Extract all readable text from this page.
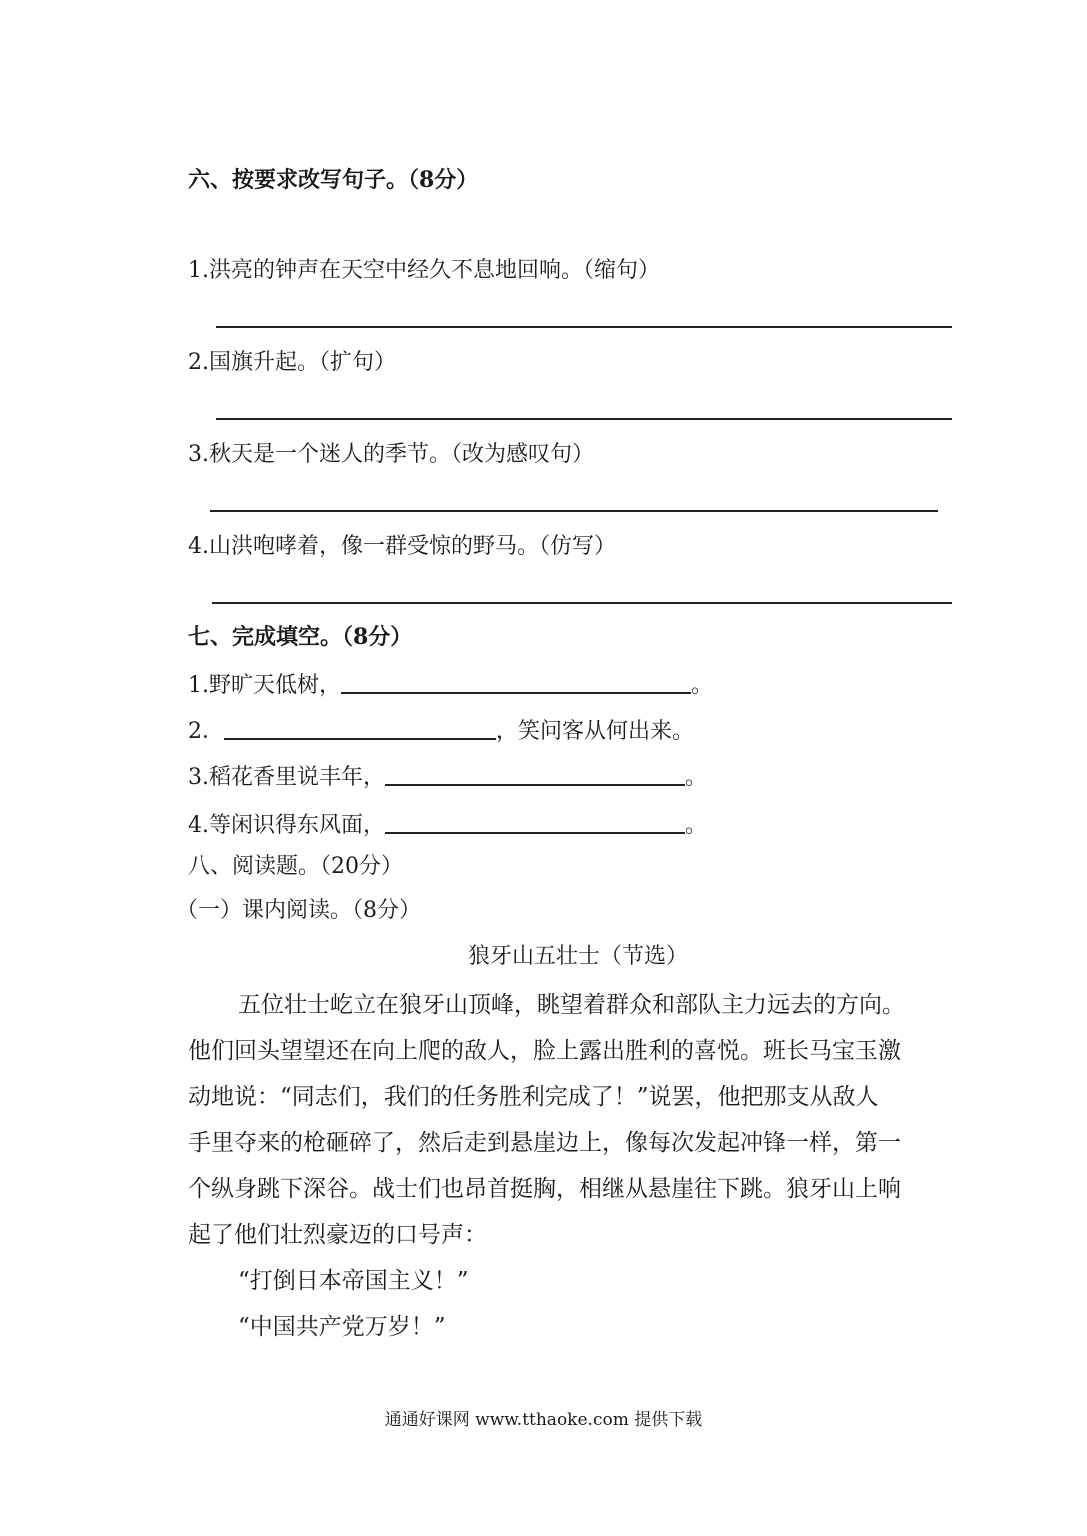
六、按要求改写句子。（8分）
1.洪亮的钟声在天空中经久不息地回响。（缩句）
2.国旗升起。（扩句）
3.秋天是一个迷人的季节。（改为感叹句）
4.山洪咆哮着，像一群受惊的野马。（仿写）
七、完成填空。（8分）
1.野旷天低树，	。
2．	，笑问客从何出来。
3.稻花香里说丰年，	。
4.等闲识得东风面，	。
八、阅读题。（20分）
（一）课内阅读。（8分）
狼牙山五壮士（节选）
五位壮士屹立在狼牙山顶峰，眺望着群众和部队主力远去的方向。
他们回头望望还在向上爬的敌人，脸上露出胜利的喜悦。班长马宝玉激
动地说：“同志们，我们的任务胜利完成了！”说罢，他把那支从敌人
手里夺来的枪砸碎了，然后走到悬崖边上，像每次发起冲锋一样，第一
个纵身跳下深谷。战士们也昂首挺胸，相继从悬崖往下跳。狼牙山上响
起了他们壮烈豪迈的口号声：
“打倒日本帝国主义！”
“中国共产党万岁！”
通通好课网 www.tthaoke.com 提供下载
